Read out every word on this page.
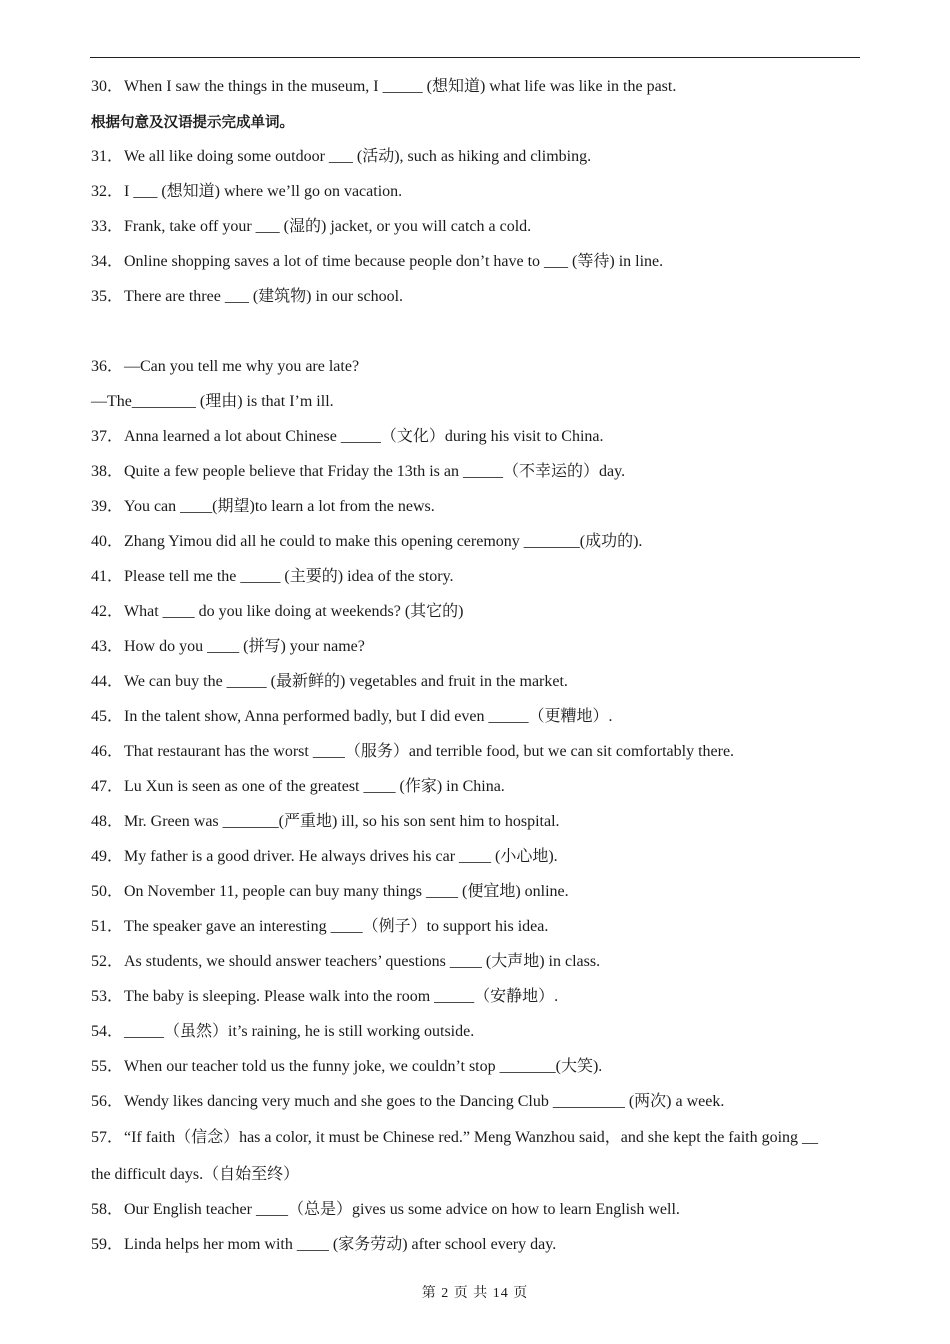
30．When I saw the things in the museum, I _____ (想知道) what life was like in the past.
根据句意及汉语提示完成单词。
31．We all like doing some outdoor ___ (活动), such as hiking and climbing.
32．I ___ (想知道) where we’ll go on vacation.
33．Frank, take off your ___ (湿的) jacket, or you will catch a cold.
34．Online shopping saves a lot of time because people don’t have to ___ (等待) in line.
35．There are three ___ (建筑物) in our school.
36．—Can you tell me why you are late?
—The________ (理由) is that I’m ill.
37．Anna learned a lot about Chinese _____（文化）during his visit to China.
38．Quite a few people believe that Friday the 13th is an _____（不幸运的）day.
39．You can ____(期望)to learn a lot from the news.
40．Zhang Yimou did all he could to make this opening ceremony _______(成功的).
41．Please tell me the _____ (主要的) idea of the story.
42．What ____ do you like doing at weekends? (其它的)
43．How do you ____ (拼写) your name?
44．We can buy the _____ (最新鲜的) vegetables and fruit in the market.
45．In the talent show, Anna performed badly, but I did even _____（更糟地）.
46．That restaurant has the worst ____（服务）and terrible food, but we can sit comfortably there.
47．Lu Xun is seen as one of the greatest ____ (作家) in China.
48．Mr. Green was _______(严重地) ill, so his son sent him to hospital.
49．My father is a good driver. He always drives his car ____ (小心地).
50．On November 11, people can buy many things ____ (便宜地) online.
51．The speaker gave an interesting ____（例子）to support his idea.
52．As students, we should answer teachers’ questions ____ (大声地) in class.
53．The baby is sleeping. Please walk into the room _____（安静地）.
54．_____（虽然）it’s raining, he is still working outside.
55．When our teacher told us the funny joke, we couldn’t stop _______(大笑).
56．Wendy likes dancing very much and she goes to the Dancing Club _________ (两次) a week.
57．“If faith（信念）has a color, it must be Chinese red.” Meng Wanzhou said，and she kept the faith going __
the difficult days.（自始至终）
58．Our English teacher ____（总是）gives us some advice on how to learn English well.
59．Linda helps her mom with ____ (家务劳动) after school every day.
第 2 页 共 14 页
